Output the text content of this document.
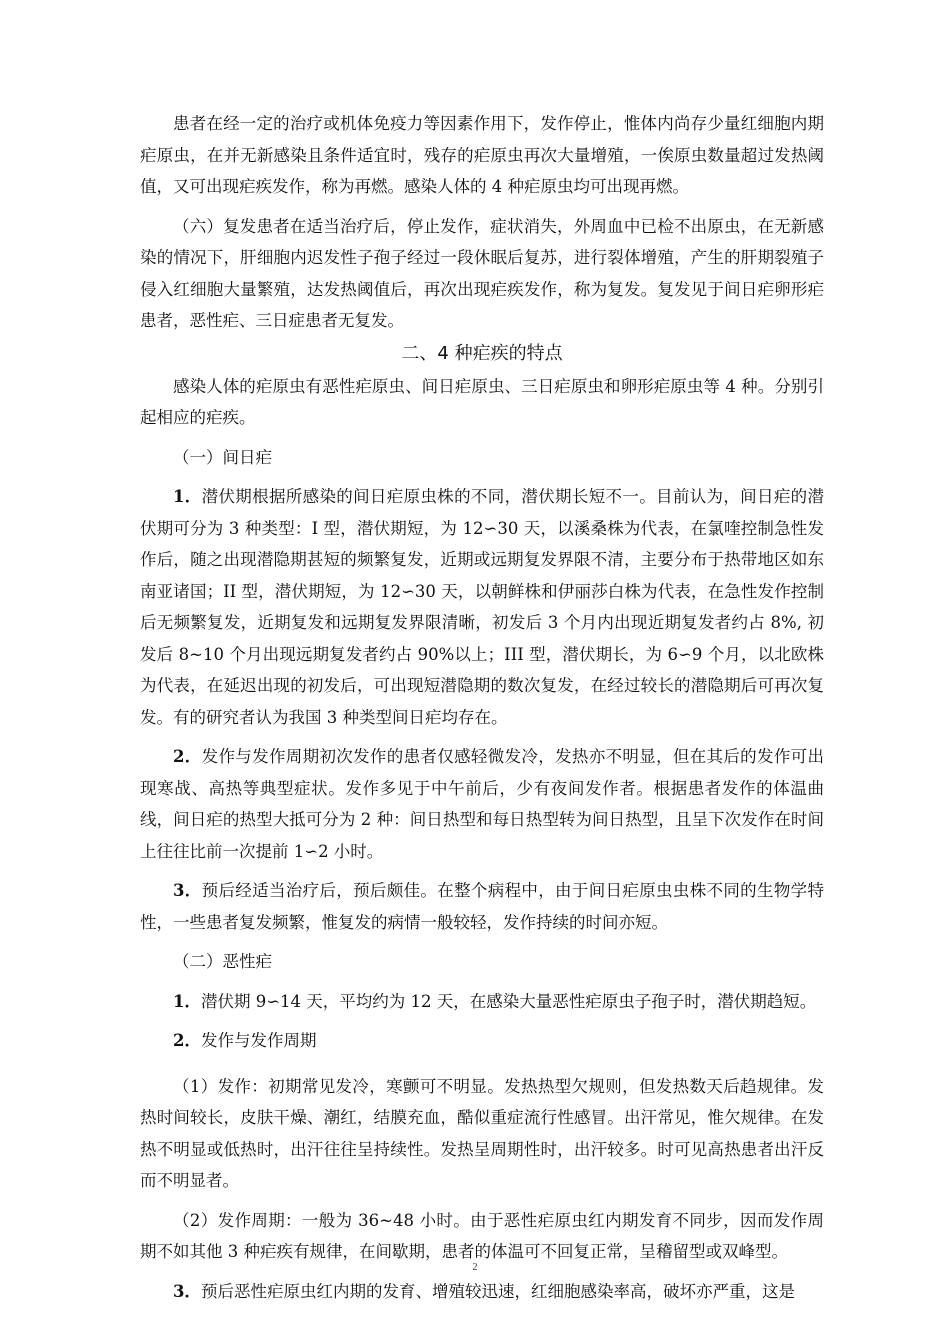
患者在经一定的治疗或机体免疫力等因素作用下，发作停止，惟体内尚存少量红细胞内期疟原虫，在并无新感染且条件适宜时，残存的疟原虫再次大量增殖，一俟原虫数量超过发热阈值，又可出现疟疾发作，称为再燃。感染人体的 4 种疟原虫均可出现再燃。

（六）复发患者在适当治疗后，停止发作，症状消失，外周血中已检不出原虫，在无新感染的情况下，肝细胞内迟发性子孢子经过一段休眠后复苏，进行裂体增殖，产生的肝期裂殖子侵入红细胞大量繁殖，达发热阈值后，再次出现疟疾发作，称为复发。复发见于间日疟卵形疟患者，恶性疟、三日症患者无复发。

二、4 种疟疾的特点

感染人体的疟原虫有恶性疟原虫、间日疟原虫、三日疟原虫和卵形疟原虫等 4 种。分别引起相应的疟疾。

（一）间日疟

1．潜伏期根据所感染的间日疟原虫株的不同，潜伏期长短不一。目前认为，间日疟的潜伏期可分为 3 种类型：I 型，潜伏期短，为 12∽30 天，以溪桑株为代表，在氯喹控制急性发作后，随之出现潜隐期甚短的频繁复发，近期或远期复发界限不清，主要分布于热带地区如东南亚诸国；II 型，潜伏期短，为 12∽30 天，以朝鲜株和伊丽莎白株为代表，在急性发作控制后无频繁复发，近期复发和远期复发界限清晰，初发后 3 个月内出现近期复发者约占 8%, 初发后 8~10 个月出现远期复发者约占 90%以上；III 型，潜伏期长，为 6∽9 个月，以北欧株为代表，在延迟出现的初发后，可出现短潜隐期的数次复发，在经过较长的潜隐期后可再次复发。有的研究者认为我国 3 种类型间日疟均存在。

2．发作与发作周期初次发作的患者仅感轻微发冷，发热亦不明显，但在其后的发作可出现寒战、高热等典型症状。发作多见于中午前后，少有夜间发作者。根据患者发作的体温曲线，间日疟的热型大抵可分为 2 种：间日热型和每日热型转为间日热型，且呈下次发作在时间上往往比前一次提前 1∽2 小时。

3．预后经适当治疗后，预后颇佳。在整个病程中，由于间日疟原虫虫株不同的生物学特性，一些患者复发频繁，惟复发的病情一般较轻，发作持续的时间亦短。

（二）恶性疟

1．潜伏期 9∽14 天，平均约为 12 天，在感染大量恶性疟原虫子孢子时，潜伏期趋短。

2．发作与发作周期

（1）发作：初期常见发冷，寒颤可不明显。发热热型欠规则，但发热数天后趋规律。发热时间较长，皮肤干燥、潮红，结膜充血，酷似重症流行性感冒。出汗常见，惟欠规律。在发热不明显或低热时，出汗往往呈持续性。发热呈周期性时，出汗较多。时可见高热患者出汗反而不明显者。

（2）发作周期：一般为 36~48 小时。由于恶性疟原虫红内期发育不同步，因而发作周期不如其他 3 种疟疾有规律，在间歇期，患者的体温可不回复正常，呈稽留型或双峰型。

3．预后恶性疟原虫红内期的发育、增殖较迅速，红细胞感染率高，破坏亦严重，这是

2
